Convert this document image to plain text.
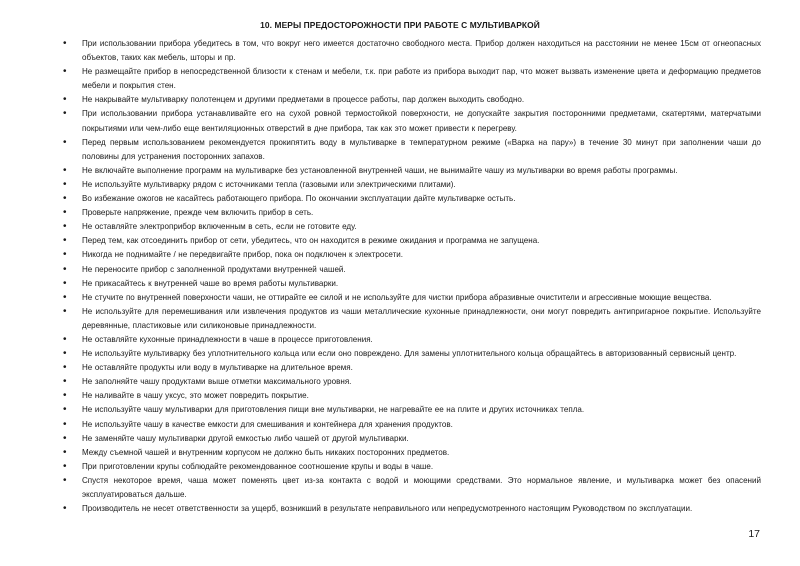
10. МЕРЫ ПРЕДОСТОРОЖНОСТИ ПРИ РАБОТЕ С МУЛЬТИВАРКОЙ
• При использовании прибора убедитесь в том, что вокруг него имеется достаточно свободного места. Прибор должен находиться на расстоянии не менее 15см от огнеопасных объектов, таких как мебель, шторы и пр.
• Не размещайте прибор в непосредственной близости к стенам и мебели, т.к. при работе из прибора выходит пар, что может вызвать изменение цвета и деформацию предметов мебели и покрытия стен.
• Не накрывайте мультиварку полотенцем и другими предметами в процессе работы, пар должен выходить свободно.
• При использовании прибора устанавливайте его на сухой ровной термостойкой поверхности, не допускайте закрытия посторонними предметами, скатертями, матерчатыми покрытиями или чем-либо еще вентиляционных отверстий в дне прибора, так как это может привести к перегреву.
• Перед первым использованием рекомендуется прокипятить воду в мультиварке в температурном режиме («Варка на пару») в течение 30 минут при заполнении чаши до половины для устранения посторонних запахов.
• Не включайте выполнение программ на мультиварке без установленной внутренней чаши, не вынимайте чашу из мультиварки во время работы программы.
• Не используйте мультиварку рядом с источниками тепла (газовыми или электрическими плитами).
• Во избежание ожогов не касайтесь работающего прибора. По окончании эксплуатации дайте мультиварке остыть.
• Проверьте напряжение, прежде чем включить прибор в сеть.
• Не оставляйте электроприбор включенным в сеть, если не готовите еду.
• Перед тем, как отсоединить прибор от сети, убедитесь, что он находится в режиме ожидания и программа не запущена.
• Никогда не поднимайте / не передвигайте прибор, пока он подключен к электросети.
• Не переносите прибор с заполненной продуктами внутренней чашей.
• Не прикасайтесь к внутренней чаше во время работы мультиварки.
• Не стучите по внутренней поверхности чаши, не оттирайте ее силой и не используйте для чистки прибора абразивные очистители и агрессивные моющие вещества.
• Не используйте для перемешивания или извлечения продуктов из чаши металлические кухонные принадлежности, они могут повредить антипригарное покрытие. Используйте деревянные, пластиковые или силиконовые принадлежности.
• Не оставляйте кухонные принадлежности в чаше в процессе приготовления.
• Не используйте мультиварку без уплотнительного кольца или если оно повреждено. Для замены уплотнительного кольца обращайтесь в авторизованный сервисный центр.
• Не оставляйте продукты или воду в мультиварке на длительное время.
• Не заполняйте чашу продуктами выше отметки максимального уровня.
• Не наливайте в чашу уксус, это может повредить покрытие.
• Не используйте чашу мультиварки для приготовления пищи вне мультиварки, не нагревайте ее на плите и других источниках тепла.
• Не используйте чашу в качестве емкости для смешивания и контейнера для хранения продуктов.
• Не заменяйте чашу мультиварки другой емкостью либо чашей от другой мультиварки.
• Между съемной чашей и внутренним корпусом не должно быть никаких посторонних предметов.
• При приготовлении крупы соблюдайте рекомендованное соотношение крупы и воды в чаше.
• Спустя некоторое время, чаша может поменять цвет из-за контакта с водой и моющими средствами. Это нормальное явление, и мультиварка может без опасений эксплуатироваться дальше.
• Производитель не несет ответственности за ущерб, возникший в результате неправильного или непредусмотренного настоящим Руководством по эксплуатации.
17
